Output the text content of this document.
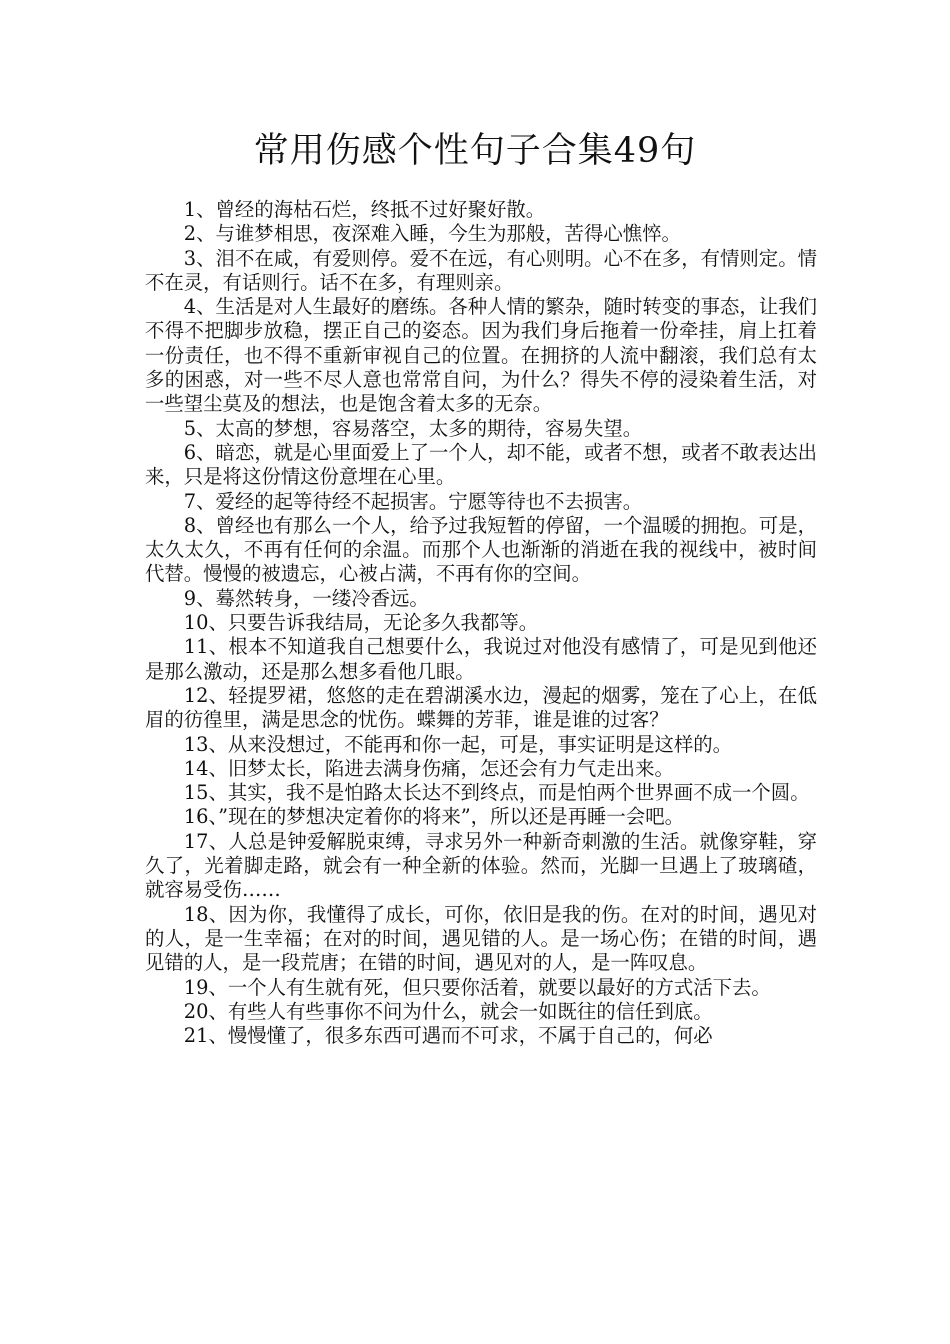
常用伤感个性句子合集49句

1、曾经的海枯石烂，终抵不过好聚好散。

2、与谁梦相思，夜深难入睡，今生为那般，苦得心憔悴。

3、泪不在咸，有爱则停。爱不在远，有心则明。心不在多，有情则定。情不在灵，有话则行。话不在多，有理则亲。

4、生活是对人生最好的磨练。各种人情的繁杂，随时转变的事态，让我们不得不把脚步放稳，摆正自己的姿态。因为我们身后拖着一份牵挂，肩上扛着一份责任，也不得不重新审视自己的位置。在拥挤的人流中翻滚，我们总有太多的困惑，对一些不尽人意也常常自问，为什么？得失不停的浸染着生活，对一些望尘莫及的想法，也是饱含着太多的无奈。

5、太高的梦想，容易落空，太多的期待，容易失望。

6、暗恋，就是心里面爱上了一个人，却不能，或者不想，或者不敢表达出来，只是将这份情这份意埋在心里。

7、爱经的起等待经不起损害。宁愿等待也不去损害。

8、曾经也有那么一个人，给予过我短暂的停留，一个温暖的拥抱。可是，太久太久，不再有任何的余温。而那个人也渐渐的消逝在我的视线中，被时间代替。慢慢的被遗忘，心被占满，不再有你的空间。

9、蓦然转身，一缕冷香远。

10、只要告诉我结局，无论多久我都等。

11、根本不知道我自己想要什么，我说过对他没有感情了，可是见到他还是那么激动，还是那么想多看他几眼。

12、轻提罗裙，悠悠的走在碧湖溪水边，漫起的烟雾，笼在了心上，在低眉的彷徨里，满是思念的忧伤。蝶舞的芳菲，谁是谁的过客？

13、从来没想过，不能再和你一起，可是，事实证明是这样的。

14、旧梦太长，陷进去满身伤痛，怎还会有力气走出来。

15、其实，我不是怕路太长达不到终点，而是怕两个世界画不成一个圆。

16、”现在的梦想决定着你的将来”，所以还是再睡一会吧。

17、人总是钟爱解脱束缚，寻求另外一种新奇刺激的生活。就像穿鞋，穿久了，光着脚走路，就会有一种全新的体验。然而，光脚一旦遇上了玻璃碴，就容易受伤……

18、因为你，我懂得了成长，可你，依旧是我的伤。在对的时间，遇见对的人，是一生幸福；在对的时间，遇见错的人。是一场心伤；在错的时间，遇见错的人，是一段荒唐；在错的时间，遇见对的人，是一阵叹息。

19、一个人有生就有死，但只要你活着，就要以最好的方式活下去。

20、有些人有些事你不问为什么，就会一如既往的信任到底。

21、慢慢懂了，很多东西可遇而不可求，不属于自己的，何必
